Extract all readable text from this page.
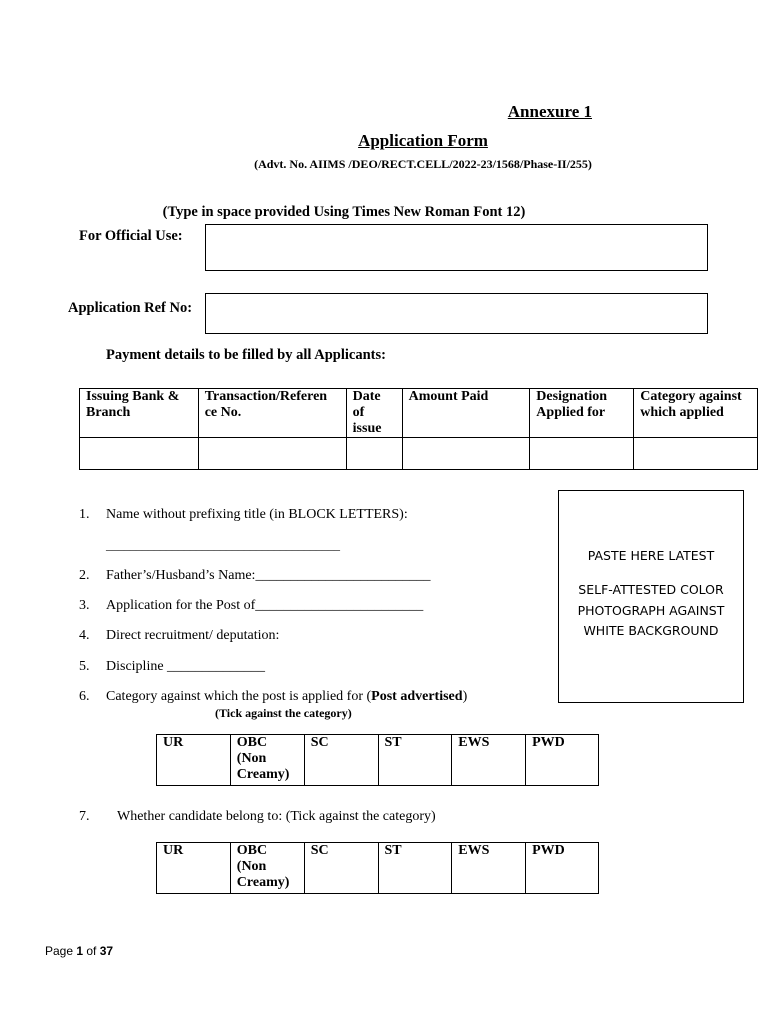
Annexure 1
Application Form
(Advt. No. AIIMS /DEO/RECT.CELL/2022-23/1568/Phase-II/255)
(Type in space provided Using Times New Roman Font 12)
For Official Use:
Application Ref No:
Payment details to be filled by all Applicants:
Issuing Bank & Branch	Transaction/Referen ce No.	Date of issue	Amount Paid	Designation Applied for	Category against which applied

1. Name without prefixing title (in BLOCK LETTERS):
_______________________________________
2. Father’s/Husband’s Name:_________________________
3. Application for the Post of________________________
4. Direct recruitment/ deputation:
5. Discipline ______________
6. Category against which the post is applied for (Post advertised)
(Tick against the category)
PASTE HERE LATEST
SELF-ATTESTED COLOR PHOTOGRAPH AGAINST WHITE BACKGROUND
UR	OBC (Non Creamy)	SC	ST	EWS	PWD
7. Whether candidate belong to: (Tick against the category)
UR	OBC (Non Creamy)	SC	ST	EWS	PWD
Page 1 of 37
